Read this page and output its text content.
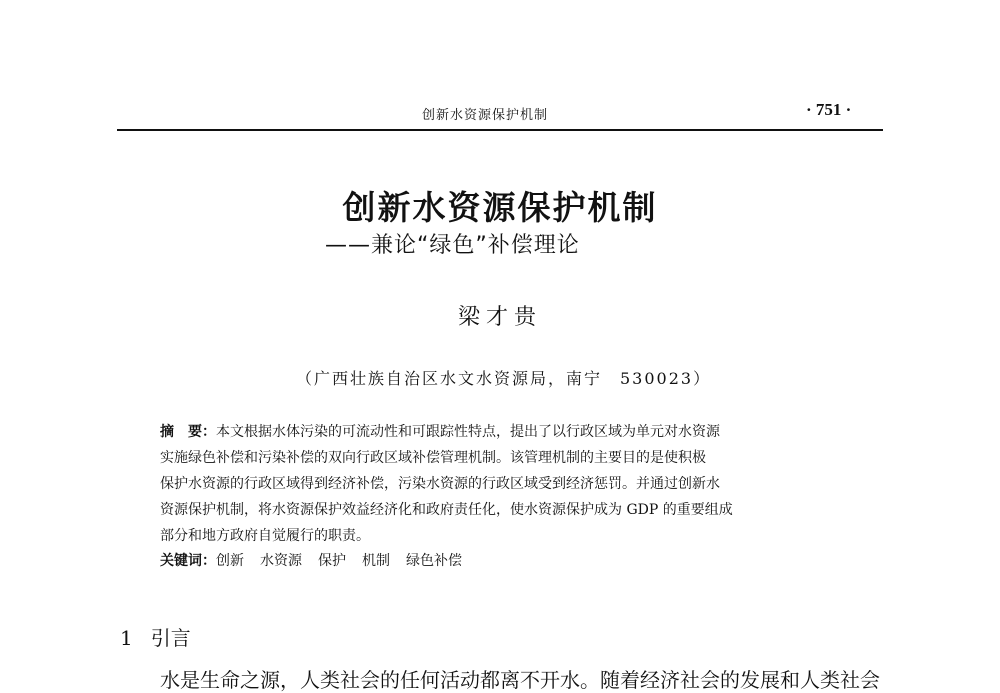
创新水资源保护机制	· 751 ·
创新水资源保护机制
——兼论“绿色”补偿理论
梁才贵
（广西壮族自治区水文水资源局，南宁　530023）
摘　要：本文根据水体污染的可流动性和可跟踪性特点，提出了以行政区域为单元对水资源
实施绿色补偿和污染补偿的双向行政区域补偿管理机制。该管理机制的主要目的是使积极
保护水资源的行政区域得到经济补偿，污染水资源的行政区域受到经济惩罚。并通过创新水
资源保护机制，将水资源保护效益经济化和政府责任化，使水资源保护成为 GDP 的重要组成
部分和地方政府自觉履行的职责。
关键词：创新 水资源 保护 机制 绿色补偿
1 引言
水是生命之源，人类社会的任何活动都离不开水。随着经济社会的发展和人类社会
